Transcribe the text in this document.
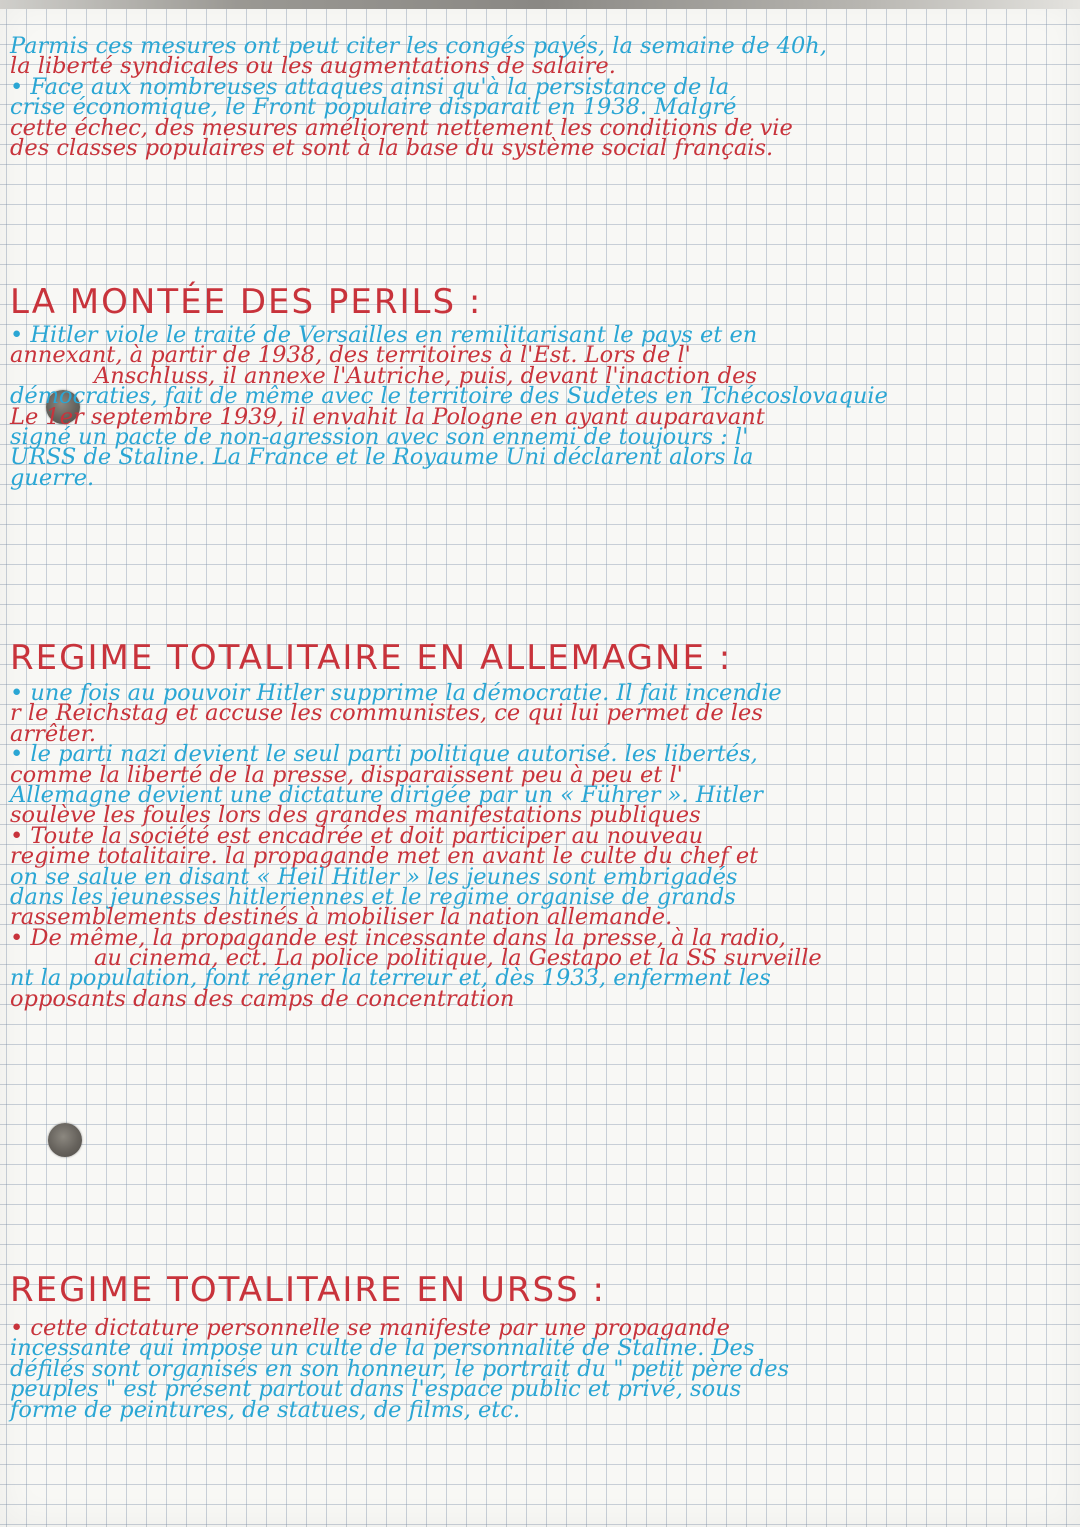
Parmis ces mesures ont peut citer les congés payés, la semaine de 40h,
la liberté syndicales ou les augmentations de salaire.
• Face aux nombreuses attaques ainsi qu'à la persistance de la
crise économique, le Front populaire disparait en 1938. Malgré
cette échec, des mesures améliorent nettement les conditions de vie
des classes populaires et sont à la base du système social français.
LA MONTÉE DES PERILS :
• Hitler viole le traité de Versailles en remilitarisant le pays et en
annexant, à partir de 1938, des territoires à l'Est. Lors de l'
Anschluss, il annexe l'Autriche, puis, devant l'inaction des
démocraties, fait de même avec le territoire des Sudètes en Tchécoslovaquie
Le 1er septembre 1939, il envahit la Pologne en ayant auparavant
signé un pacte de non-agression avec son ennemi de toujours : l'
URSS de Staline. La France et le Royaume Uni déclarent alors la
guerre.
REGIME TOTALITAIRE EN ALLEMAGNE :
• une fois au pouvoir Hitler supprime la démocratie. Il fait incendie
r le Reichstag et accuse les communistes, ce qui lui permet de les
arrêter.
• le parti nazi devient le seul parti politique autorisé. les libertés,
comme la liberté de la presse, disparaissent peu à peu et l'
Allemagne devient une dictature dirigée par un « Führer ». Hitler
soulève les foules lors des grandes manifestations publiques
• Toute la société est encadrée et doit participer au nouveau
regime totalitaire. la propagande met en avant le culte du chef et
on se salue en disant « Heil Hitler » les jeunes sont embrigadés
dans les jeunesses hitleriennes et le regime organise de grands
rassemblements destinés à mobiliser la nation allemande.
• De même, la propagande est incessante dans la presse, à la radio,
au cinema, ect. La police politique, la Gestapo et la SS surveille
nt la population, font régner la terreur et, dès 1933, enferment les
opposants dans des camps de concentration
REGIME TOTALITAIRE EN URSS :
• cette dictature personnelle se manifeste par une propagande
incessante qui impose un culte de la personnalité de Staline. Des
défilés sont organisés en son honneur, le portrait du " petit père des
peuples " est présent partout dans l'espace public et privé, sous
forme de peintures, de statues, de films, etc.
